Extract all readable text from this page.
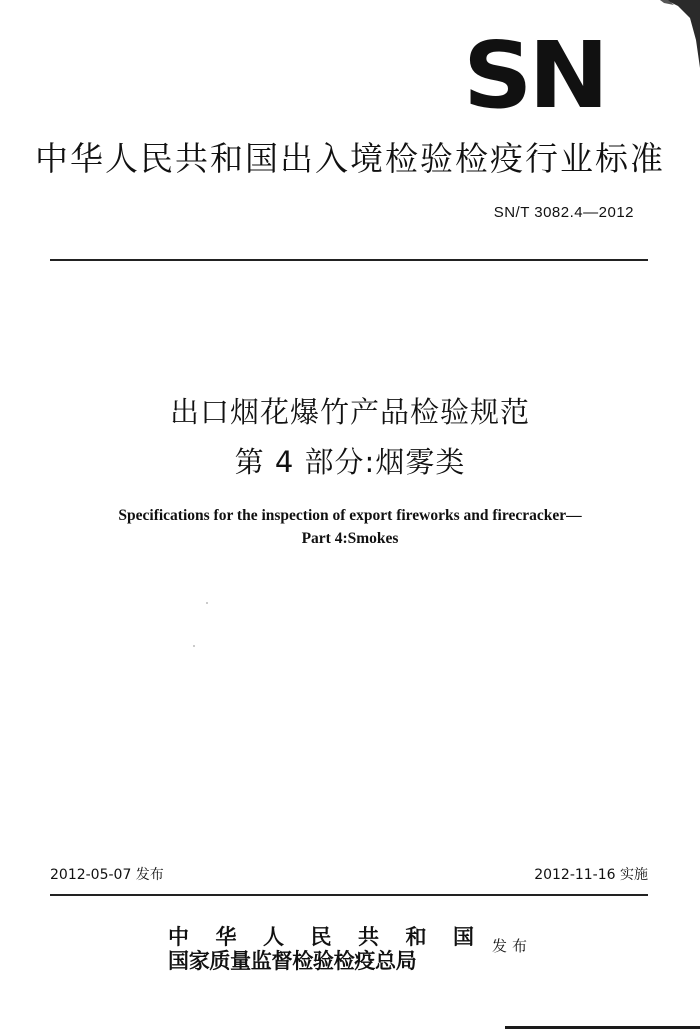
SN
中华人民共和国出入境检验检疫行业标准
SN/T 3082.4—2012
出口烟花爆竹产品检验规范
第 4 部分:烟雾类
Specifications for the inspection of export fireworks and firecracker—
Part 4:Smokes
2012-05-07 发布	2012-11-16 实施
中 华 人 民 共 和 国
国家质量监督检验检疫总局
发布
